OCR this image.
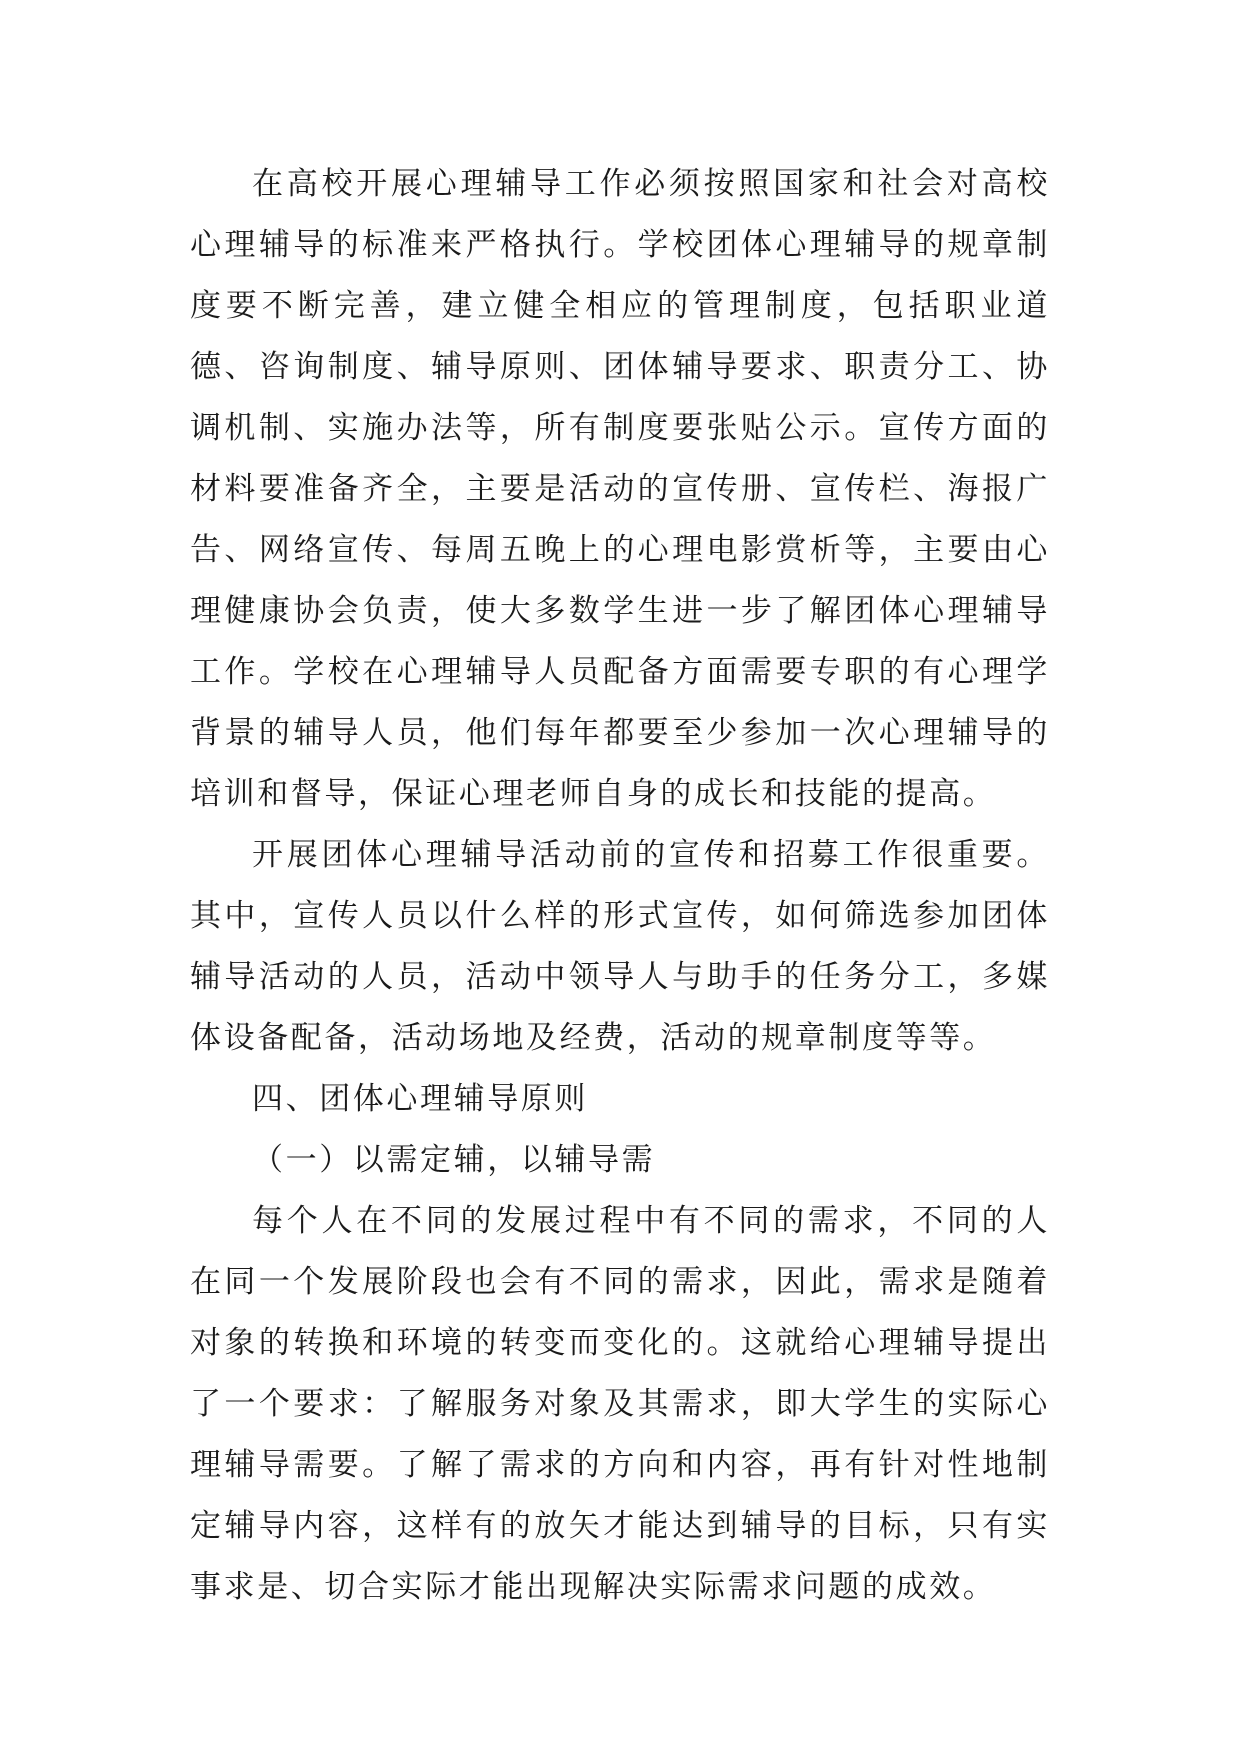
在高校开展心理辅导工作必须按照国家和社会对高校心理辅导的标准来严格执行。学校团体心理辅导的规章制度要不断完善，建立健全相应的管理制度，包括职业道德、咨询制度、辅导原则、团体辅导要求、职责分工、协调机制、实施办法等，所有制度要张贴公示。宣传方面的材料要准备齐全，主要是活动的宣传册、宣传栏、海报广告、网络宣传、每周五晚上的心理电影赏析等，主要由心理健康协会负责，使大多数学生进一步了解团体心理辅导工作。学校在心理辅导人员配备方面需要专职的有心理学背景的辅导人员，他们每年都要至少参加一次心理辅导的培训和督导，保证心理老师自身的成长和技能的提高。

开展团体心理辅导活动前的宣传和招募工作很重要。其中，宣传人员以什么样的形式宣传，如何筛选参加团体辅导活动的人员，活动中领导人与助手的任务分工，多媒体设备配备，活动场地及经费，活动的规章制度等等。

四、团体心理辅导原则

（一）以需定辅，以辅导需

每个人在不同的发展过程中有不同的需求，不同的人在同一个发展阶段也会有不同的需求，因此，需求是随着对象的转换和环境的转变而变化的。这就给心理辅导提出了一个要求：了解服务对象及其需求，即大学生的实际心理辅导需要。了解了需求的方向和内容，再有针对性地制定辅导内容，这样有的放矢才能达到辅导的目标，只有实事求是、切合实际才能出现解决实际需求问题的成效。
